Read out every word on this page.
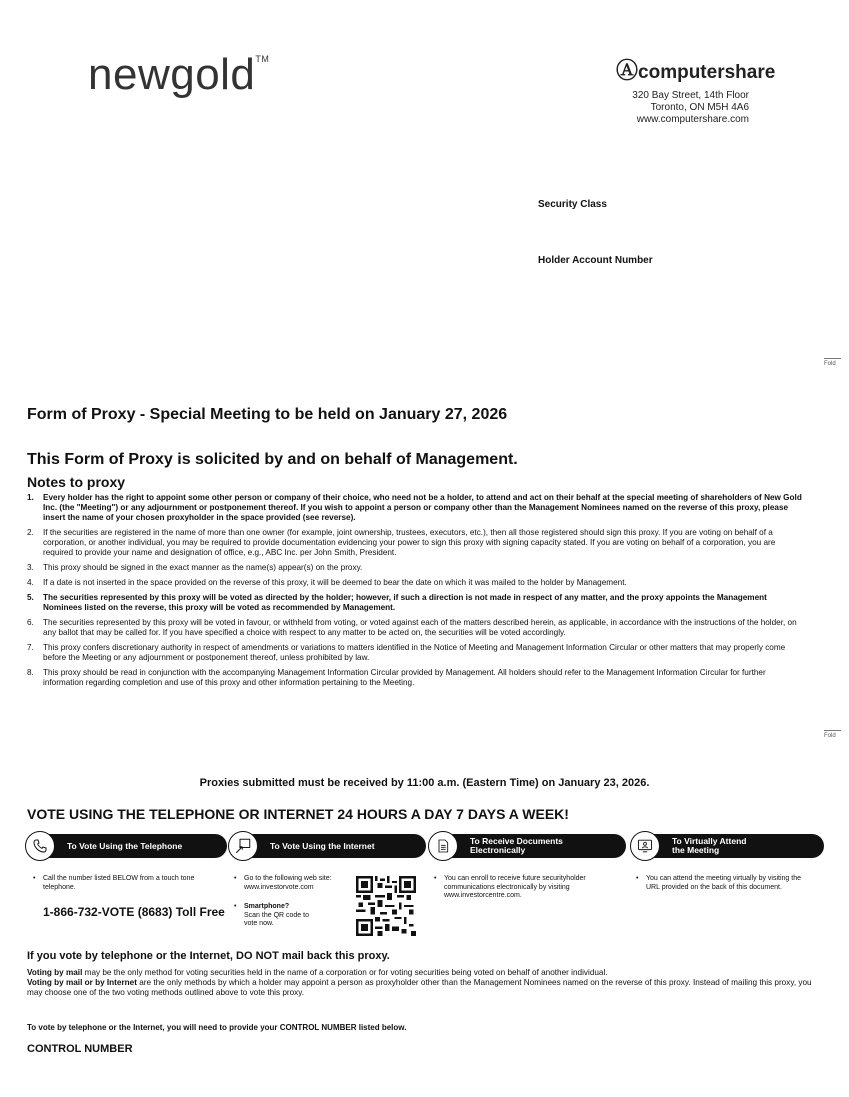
newgold™	Ⓐcomputershare
320 Bay Street, 14th Floor
Toronto, ON M5H 4A6
www.computershare.com
Security Class
Holder Account Number
Fold
Fold
Form of Proxy - Special Meeting to be held on January 27, 2026
This Form of Proxy is solicited by and on behalf of Management.
Notes to proxy
1.	Every holder has the right to appoint some other person or company of their choice, who need not be a holder, to attend and act on their behalf at the special meeting of shareholders of New Gold Inc. (the "Meeting") or any adjournment or postponement thereof. If you wish to appoint a person or company other than the Management Nominees named on the reverse of this proxy, please insert the name of your chosen proxyholder in the space provided (see reverse).
2.	If the securities are registered in the name of more than one owner (for example, joint ownership, trustees, executors, etc.), then all those registered should sign this proxy. If you are voting on behalf of a corporation, or another individual, you may be required to provide documentation evidencing your power to sign this proxy with signing capacity stated. If you are voting on behalf of a corporation, you are required to provide your name and designation of office, e.g., ABC Inc. per John Smith, President.
3.	This proxy should be signed in the exact manner as the name(s) appear(s) on the proxy.
4.	If a date is not inserted in the space provided on the reverse of this proxy, it will be deemed to bear the date on which it was mailed to the holder by Management.
5.	The securities represented by this proxy will be voted as directed by the holder; however, if such a direction is not made in respect of any matter, and the proxy appoints the Management Nominees listed on the reverse, this proxy will be voted as recommended by Management.
6.	The securities represented by this proxy will be voted in favour, or withheld from voting, or voted against each of the matters described herein, as applicable, in accordance with the instructions of the holder, on any ballot that may be called for. If you have specified a choice with respect to any matter to be acted on, the securities will be voted accordingly.
7.	This proxy confers discretionary authority in respect of amendments or variations to matters identified in the Notice of Meeting and Management Information Circular or other matters that may properly come before the Meeting or any adjournment or postponement thereof, unless prohibited by law.
8.	This proxy should be read in conjunction with the accompanying Management Information Circular provided by Management. All holders should refer to the Management Information Circular for further information regarding completion and use of this proxy and other information pertaining to the Meeting.
Proxies submitted must be received by 11:00 a.m. (Eastern Time) on January 23, 2026.
VOTE USING THE TELEPHONE OR INTERNET 24 HOURS A DAY 7 DAYS A WEEK!
To Vote Using the Telephone	To Vote Using the Internet	To Receive Documents
Electronically
To Virtually Attend
the Meeting
• Call the number listed BELOW from a touch tone telephone.
1-866-732-VOTE (8683) Toll Free
• Go to the following web site: www.investorvote.com
• Smartphone?
Scan the QR code to vote now.
• You can enroll to receive future securityholder communications electronically by visiting www.investorcentre.com.
• You can attend the meeting virtually by visiting the URL provided on the back of this document.
If you vote by telephone or the Internet, DO NOT mail back this proxy.
Voting by mail may be the only method for voting securities held in the name of a corporation or for voting securities being voted on behalf of another individual.
Voting by mail or by Internet are the only methods by which a holder may appoint a person as proxyholder other than the Management Nominees named on the reverse of this proxy. Instead of mailing this proxy, you may choose one of the two voting methods outlined above to vote this proxy.
To vote by telephone or the Internet, you will need to provide your CONTROL NUMBER listed below.
CONTROL NUMBER
